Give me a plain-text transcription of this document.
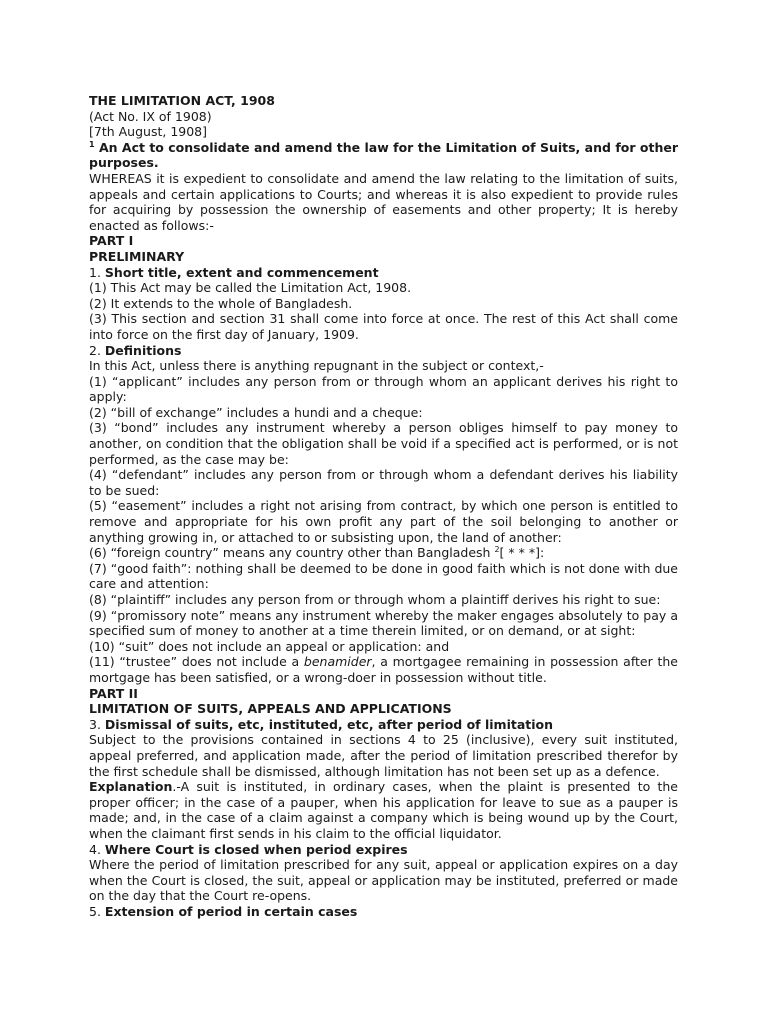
THE LIMITATION ACT, 1908

(Act No. IX of 1908)

[7th August, 1908]

$^1$ An Act to consolidate and amend the law for the Limitation of Suits, and for other purposes.

WHEREAS it is expedient to consolidate and amend the law relating to the limitation of suits, appeals and certain applications to Courts; and whereas it is also expedient to provide rules for acquiring by possession the ownership of easements and other property; It is hereby enacted as follows:-

PART I

PRELIMINARY

1. Short title, extent and commencement

(1) This Act may be called the Limitation Act, 1908.

(2) It extends to the whole of Bangladesh.

(3) This section and section 31 shall come into force at once. The rest of this Act shall come into force on the first day of January, 1909.

2. Definitions

In this Act, unless there is anything repugnant in the subject or context,-

(1) “applicant” includes any person from or through whom an applicant derives his right to apply:

(2) “bill of exchange” includes a hundi and a cheque:

(3) “bond” includes any instrument whereby a person obliges himself to pay money to another, on condition that the obligation shall be void if a specified act is performed, or is not performed, as the case may be:

(4) “defendant” includes any person from or through whom a defendant derives his liability to be sued:

(5) “easement” includes a right not arising from contract, by which one person is entitled to remove and appropriate for his own profit any part of the soil belonging to another or anything growing in, or attached to or subsisting upon, the land of another:

(6) “foreign country” means any country other than Bangladesh $^2$[ * * *]:

(7) “good faith”: nothing shall be deemed to be done in good faith which is not done with due care and attention:

(8) “plaintiff” includes any person from or through whom a plaintiff derives his right to sue:

(9) “promissory note” means any instrument whereby the maker engages absolutely to pay a specified sum of money to another at a time therein limited, or on demand, or at sight:

(10) “suit” does not include an appeal or application: and

(11) “trustee” does not include a benamider, a mortgagee remaining in possession after the mortgage has been satisfied, or a wrong-doer in possession without title.

PART II

LIMITATION OF SUITS, APPEALS AND APPLICATIONS

3. Dismissal of suits, etc, instituted, etc, after period of limitation

Subject to the provisions contained in sections 4 to 25 (inclusive), every suit instituted, appeal preferred, and application made, after the period of limitation prescribed therefor by the first schedule shall be dismissed, although limitation has not been set up as a defence.

Explanation.-A suit is instituted, in ordinary cases, when the plaint is presented to the proper officer; in the case of a pauper, when his application for leave to sue as a pauper is made; and, in the case of a claim against a company which is being wound up by the Court, when the claimant first sends in his claim to the official liquidator.

4. Where Court is closed when period expires

Where the period of limitation prescribed for any suit, appeal or application expires on a day when the Court is closed, the suit, appeal or application may be instituted, preferred or made on the day that the Court re-opens.

5. Extension of period in certain cases
